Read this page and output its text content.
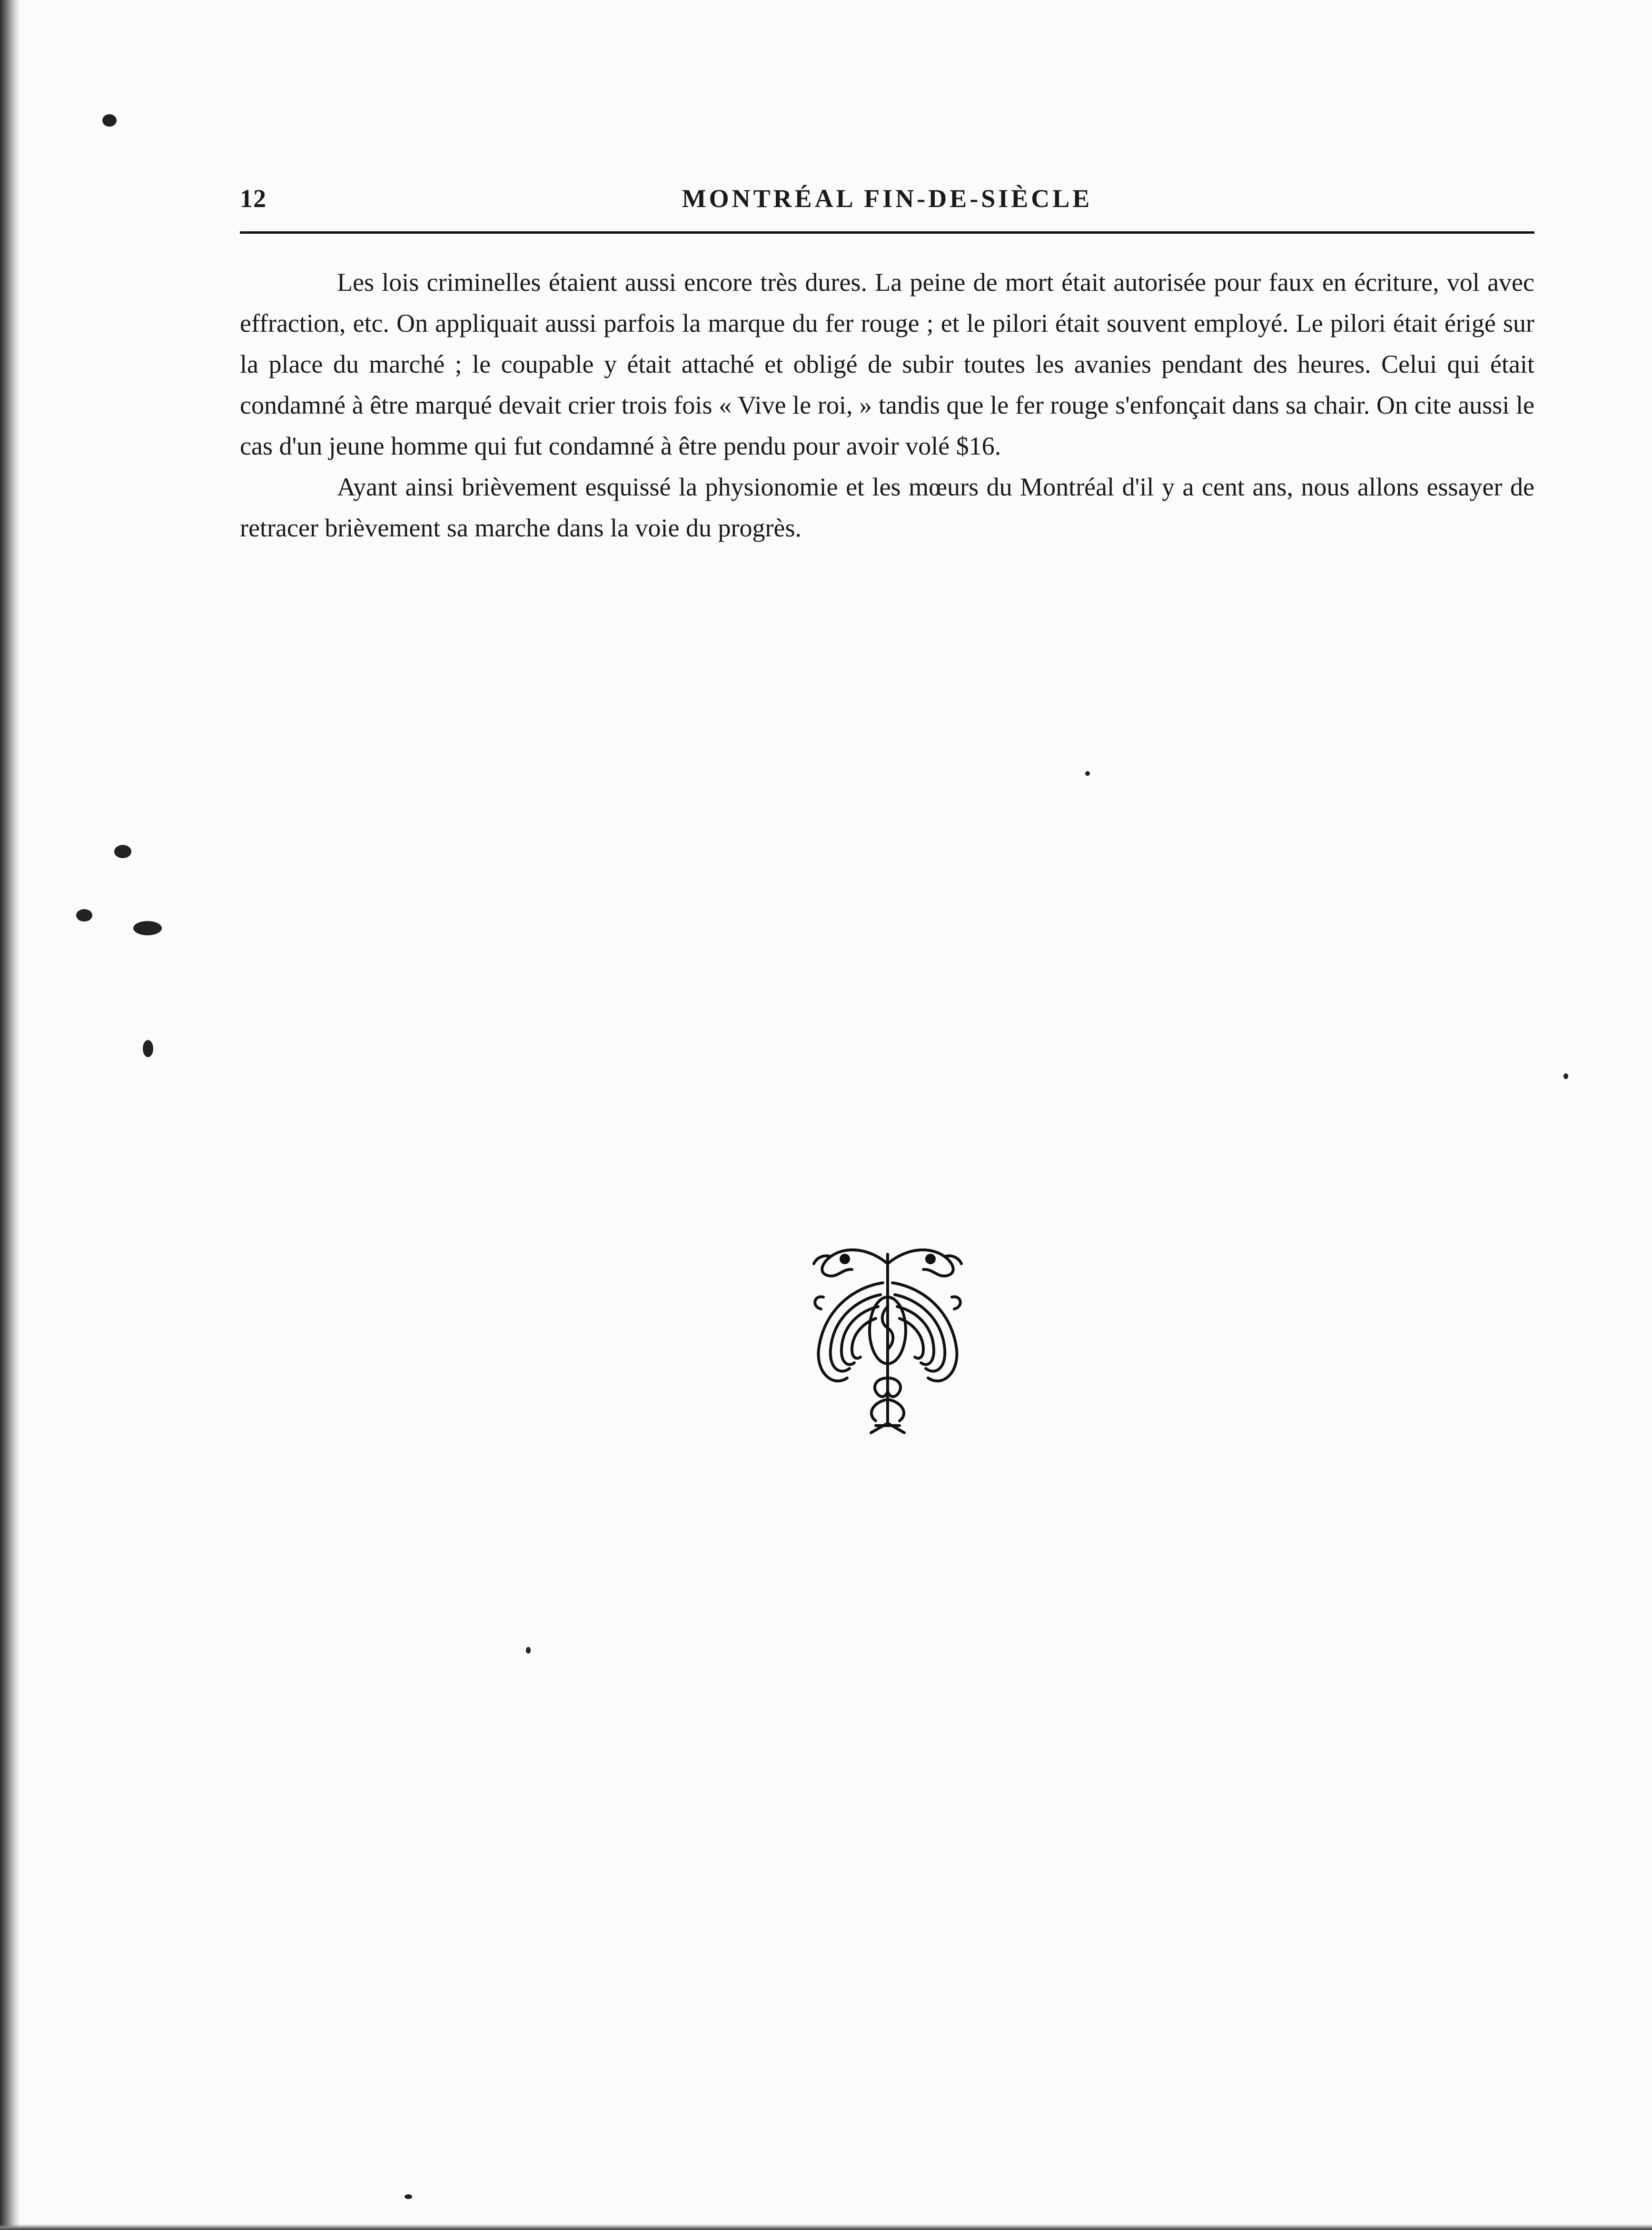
12	MONTRÉAL FIN-DE-SIÈCLE

Les lois criminelles étaient aussi encore très dures. La peine de mort était autorisée pour faux en écriture, vol avec effraction, etc. On appliquait aussi parfois la marque du fer rouge ; et le pilori était souvent employé. Le pilori était érigé sur la place du marché ; le coupable y était attaché et obligé de subir toutes les avanies pendant des heures. Celui qui était condamné à être marqué devait crier trois fois « Vive le roi, » tandis que le fer rouge s'enfonçait dans sa chair. On cite aussi le cas d'un jeune homme qui fut condamné à être pendu pour avoir volé $16.

Ayant ainsi brièvement esquissé la physionomie et les mœurs du Montréal d'il y a cent ans, nous allons essayer de retracer brièvement sa marche dans la voie du progrès.
